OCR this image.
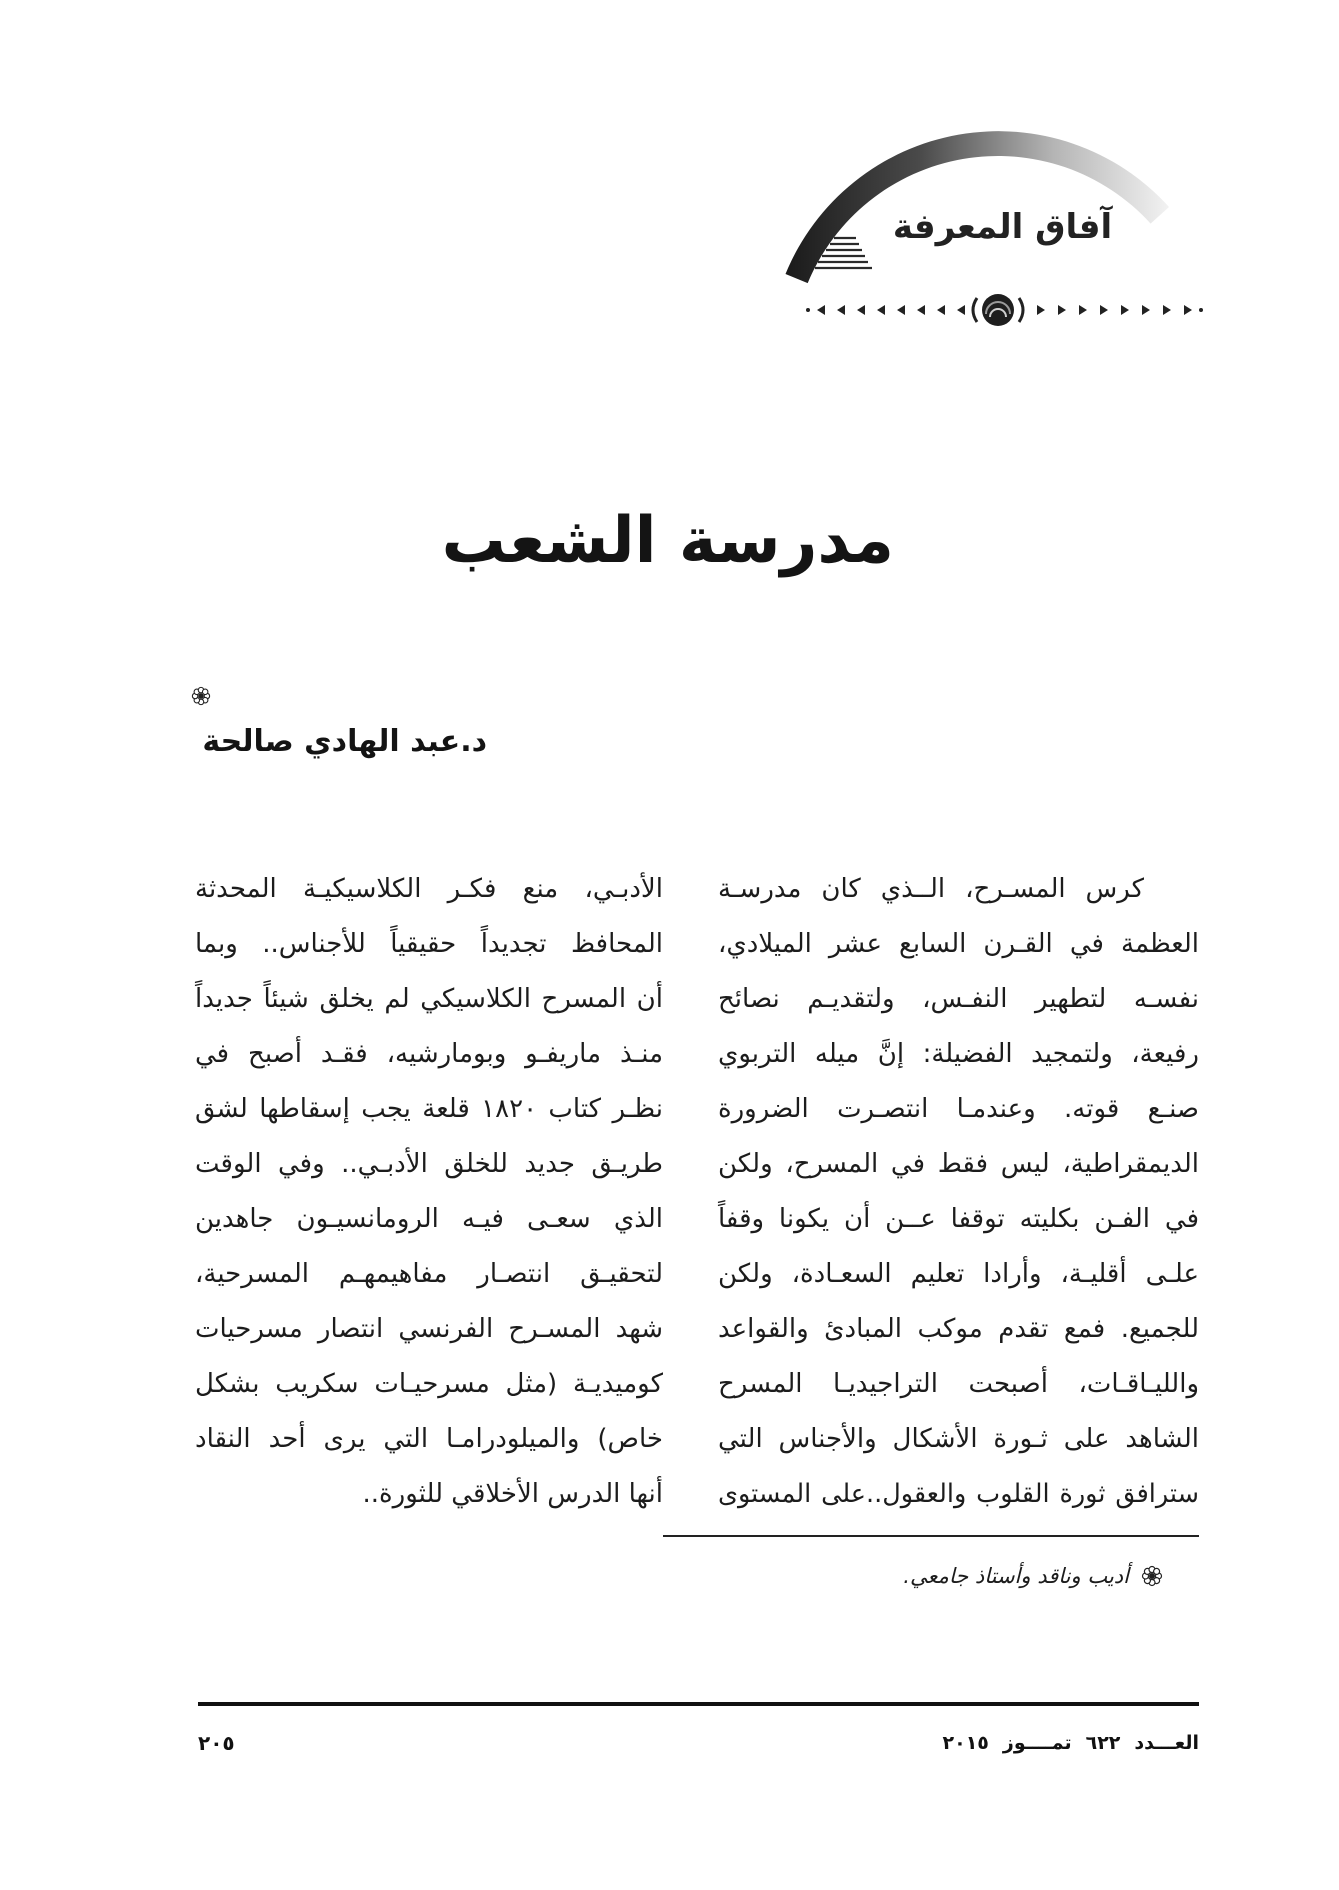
آفاق المعرفة
مدرسة الشعب
د.عبد الهادي صالحة
كرس المسـرح، الــذي كان مدرسـة
العظمة في القـرن السابع عشر الميلادي،
نفسـه لتطهير النفـس، ولتقديـم نصائح
رفيعة، ولتمجيد الفضيلة: إنَّ ميله التربوي
صنـع قوته. وعندمـا انتصـرت الضرورة
الديمقراطية، ليس فقط في المسرح، ولكن
في الفـن بكليته توقفا عــن أن يكونا وقفاً
علـى أقليـة، وأرادا تعليم السعـادة، ولكن
للجميع. فمع تقدم موكب المبادئ والقواعد
والليـاقـات، أصبحت التراجيديـا المسرح
الشاهد على ثـورة الأشكال والأجناس التي
سترافق ثورة القلوب والعقول..على المستوى
الأدبـي، منع فكـر الكلاسيكيـة المحدثة
المحافظ تجديداً حقيقياً للأجناس.. وبما
أن المسرح الكلاسيكي لم يخلق شيئاً جديداً
منـذ ماريفـو وبومارشيه، فقـد أصبح في
نظـر كتاب ١٨٢٠ قلعة يجب إسقاطها لشق
طريـق جديد للخلق الأدبـي.. وفي الوقت
الذي سعـى فيـه الرومانسيـون جاهدين
لتحقيـق انتصـار مفاهيمهـم المسرحية،
شهد المسـرح الفرنسي انتصار مسرحيات
كوميديـة (مثل مسرحيـات سكريب بشكل
خاص) والميلودرامـا التي يرى أحد النقاد
أنها الدرس الأخلاقي للثورة..
أديب وناقد وأستاذ جامعي.
العـــدد
٦٢٢
تمــــوز
٢٠١٥
٢٠٥
